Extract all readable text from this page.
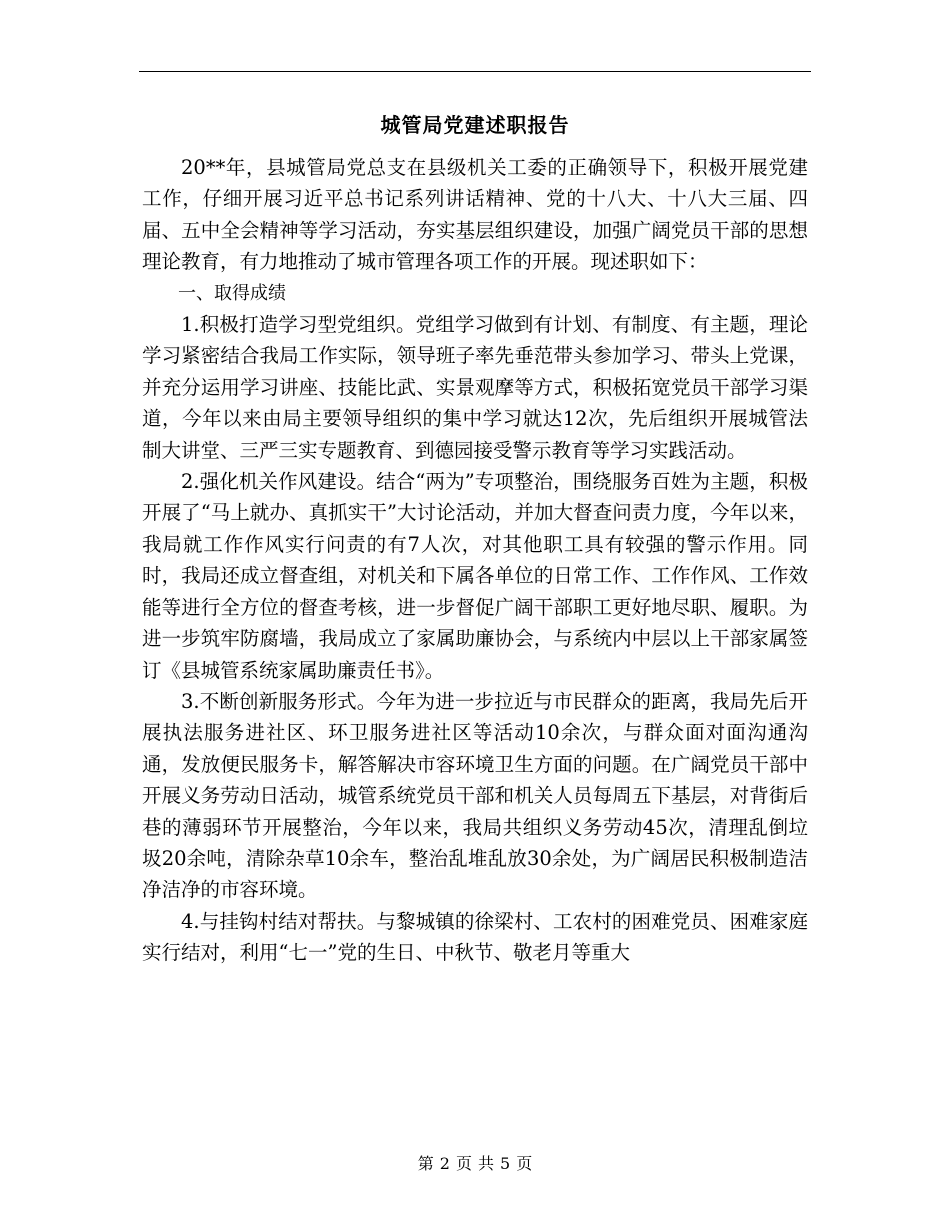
城管局党建述职报告

20**年，县城管局党总支在县级机关工委的正确领导下，积极开展党建工作，仔细开展习近平总书记系列讲话精神、党的十八大、十八大三届、四届、五中全会精神等学习活动，夯实基层组织建设，加强广阔党员干部的思想理论教育，有力地推动了城市管理各项工作的开展。现述职如下：

一、取得成绩

1.积极打造学习型党组织。党组学习做到有计划、有制度、有主题，理论学习紧密结合我局工作实际，领导班子率先垂范带头参加学习、带头上党课，并充分运用学习讲座、技能比武、实景观摩等方式，积极拓宽党员干部学习渠道，今年以来由局主要领导组织的集中学习就达12次，先后组织开展城管法制大讲堂、三严三实专题教育、到德园接受警示教育等学习实践活动。

2.强化机关作风建设。结合“两为”专项整治，围绕服务百姓为主题，积极开展了“马上就办、真抓实干”大讨论活动，并加大督查问责力度，今年以来，我局就工作作风实行问责的有7人次，对其他职工具有较强的警示作用。同时，我局还成立督查组，对机关和下属各单位的日常工作、工作作风、工作效能等进行全方位的督查考核，进一步督促广阔干部职工更好地尽职、履职。为进一步筑牢防腐墙，我局成立了家属助廉协会，与系统内中层以上干部家属签订《县城管系统家属助廉责任书》。

3.不断创新服务形式。今年为进一步拉近与市民群众的距离，我局先后开展执法服务进社区、环卫服务进社区等活动10余次，与群众面对面沟通沟通，发放便民服务卡，解答解决市容环境卫生方面的问题。在广阔党员干部中开展义务劳动日活动，城管系统党员干部和机关人员每周五下基层，对背街后巷的薄弱环节开展整治，今年以来，我局共组织义务劳动45次，清理乱倒垃圾20余吨，清除杂草10余车，整治乱堆乱放30余处，为广阔居民积极制造洁净洁净的市容环境。

4.与挂钩村结对帮扶。与黎城镇的徐梁村、工农村的困难党员、困难家庭实行结对，利用“七一”党的生日、中秋节、敬老月等重大

第 2 页 共 5 页
